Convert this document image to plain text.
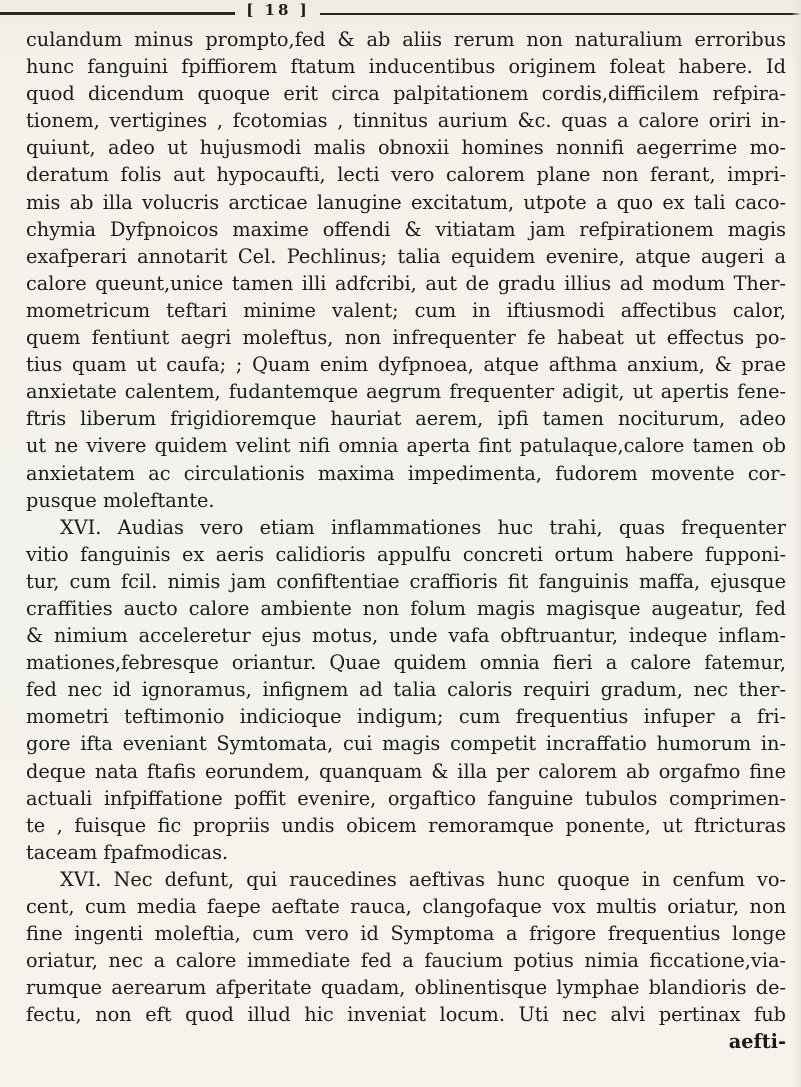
[ 18 ]
culandum minus prompto,fed & ab aliis rerum non naturalium erroribus
hunc fanguini fpiffiorem ftatum inducentibus originem foleat habere. Id
quod dicendum quoque erit circa palpitationem cordis,difficilem refpira-
tionem, vertigines , fcotomias , tinnitus aurium &c. quas a calore oriri in-
quiunt, adeo ut hujusmodi malis obnoxii homines nonnifi aegerrime mo-
deratum folis aut hypocaufti, lecti vero calorem plane non ferant, impri-
mis ab illa volucris arcticae lanugine excitatum, utpote a quo ex tali caco-
chymia Dyfpnoicos maxime offendi & vitiatam jam refpirationem magis
exafperari annotarit Cel. Pechlinus; talia equidem evenire, atque augeri a
calore queunt,unice tamen illi adfcribi, aut de gradu illius ad modum Ther-
mometricum teftari minime valent; cum in iftiusmodi affectibus calor,
quem fentiunt aegri moleftus, non infrequenter fe habeat ut effectus po-
tius quam ut caufa; ; Quam enim dyfpnoea, atque afthma anxium, & prae
anxietate calentem, fudantemque aegrum frequenter adigit, ut apertis fene-
ftris liberum frigidioremque hauriat aerem, ipfi tamen nociturum, adeo
ut ne vivere quidem velint nifi omnia aperta fint patulaque,calore tamen ob
anxietatem ac circulationis maxima impedimenta, fudorem movente cor-
pusque moleftante.
XVI. Audias vero etiam inflammationes huc trahi, quas frequenter
vitio fanguinis ex aeris calidioris appulfu concreti ortum habere fupponi-
tur, cum fcil. nimis jam confiftentiae craffioris fit fanguinis maffa, ejusque
craffities aucto calore ambiente non folum magis magisque augeatur, fed
& nimium acceleretur ejus motus, unde vafa obftruantur, indeque inflam-
mationes,febresque oriantur. Quae quidem omnia fieri a calore fatemur,
fed nec id ignoramus, infignem ad talia caloris requiri gradum, nec ther-
mometri teftimonio indicioque indigum; cum frequentius infuper a fri-
gore ifta eveniant Symtomata, cui magis competit incraffatio humorum in-
deque nata ftafis eorundem, quanquam & illa per calorem ab orgafmo fine
actuali infpiffatione poffit evenire, orgaftico fanguine tubulos comprimen-
te , fuisque fic propriis undis obicem remoramque ponente, ut ftricturas
taceam fpafmodicas.
XVI. Nec defunt, qui raucedines aeftivas hunc quoque in cenfum vo-
cent, cum media faepe aeftate rauca, clangofaque vox multis oriatur, non
fine ingenti moleftia, cum vero id Symptoma a frigore frequentius longe
oriatur, nec a calore immediate fed a faucium potius nimia ficcatione,via-
rumque aerearum afperitate quadam, oblinentisque lymphae blandioris de-
fectu, non eft quod illud hic inveniat locum. Uti nec alvi pertinax fub
aefti-
